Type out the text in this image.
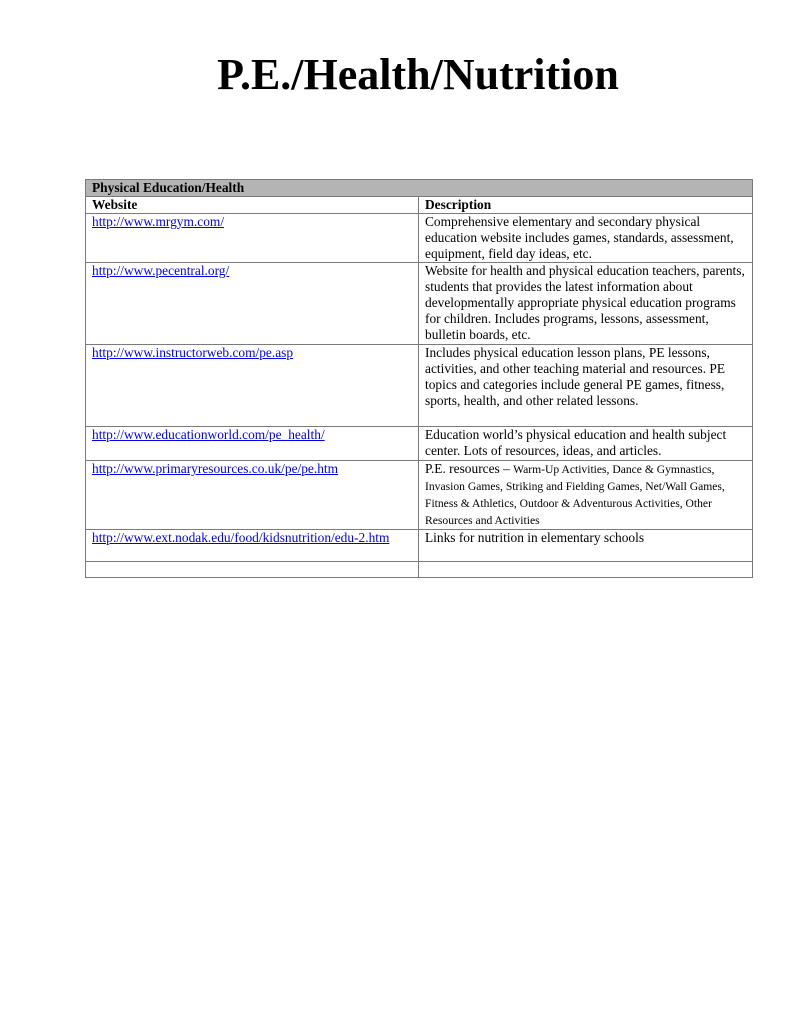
P.E./Health/Nutrition
Physical Education/Health	
Website	Description
http://www.mrgym.com/	Comprehensive elementary and secondary physical education website includes games, standards, assessment, equipment, field day ideas, etc.
http://www.pecentral.org/	Website for health and physical education teachers, parents, students that provides the latest information about developmentally appropriate physical education programs for children. Includes programs, lessons, assessment, bulletin boards, etc.
http://www.instructorweb.com/pe.asp	Includes physical education lesson plans, PE lessons, activities, and other teaching material and resources. PE topics and categories include general PE games, fitness, sports, health, and other related lessons.
http://www.educationworld.com/pe_health/	Education world’s physical education and health subject center. Lots of resources, ideas, and articles.
http://www.primaryresources.co.uk/pe/pe.htm	P.E. resources – Warm-Up Activities, Dance & Gymnastics, Invasion Games, Striking and Fielding Games, Net/Wall Games, Fitness & Athletics, Outdoor & Adventurous Activities, Other Resources and Activities
http://www.ext.nodak.edu/food/kidsnutrition/edu-2.htm	Links for nutrition in elementary schools
